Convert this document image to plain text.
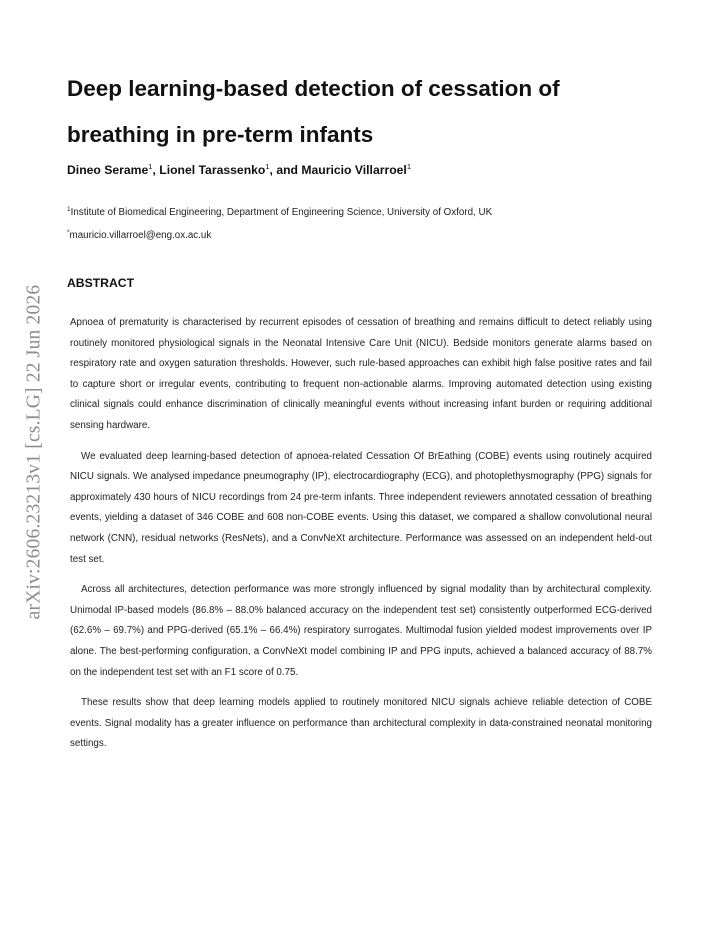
arXiv:2606.23213v1 [cs.LG] 22 Jun 2026
Deep learning-based detection of cessation of breathing in pre-term infants
Dineo Serame$^1$, Lionel Tarassenko$^1$, and Mauricio Villarroel$^1$
$^1$Institute of Biomedical Engineering, Department of Engineering Science, University of Oxford, UK
*mauricio.villarroel@eng.ox.ac.uk
ABSTRACT

Apnoea of prematurity is characterised by recurrent episodes of cessation of breathing and remains difficult to detect reliably using routinely monitored physiological signals in the Neonatal Intensive Care Unit (NICU). Bedside monitors generate alarms based on respiratory rate and oxygen saturation thresholds. However, such rule-based approaches can exhibit high false positive rates and fail to capture short or irregular events, contributing to frequent non-actionable alarms. Improving automated detection using existing clinical signals could enhance discrimination of clinically meaningful events without increasing infant burden or requiring additional sensing hardware.

We evaluated deep learning-based detection of apnoea-related Cessation Of BrEathing (COBE) events using routinely acquired NICU signals. We analysed impedance pneumography (IP), electrocardiography (ECG), and photoplethysmography (PPG) signals for approximately 430 hours of NICU recordings from 24 pre-term infants. Three independent reviewers annotated cessation of breathing events, yielding a dataset of 346 COBE and 608 non-COBE events. Using this dataset, we compared a shallow convolutional neural network (CNN), residual networks (ResNets), and a ConvNeXt architecture. Performance was assessed on an independent held-out test set.

Across all architectures, detection performance was more strongly influenced by signal modality than by architectural complexity. Unimodal IP-based models (86.8% – 88.0% balanced accuracy on the independent test set) consistently outperformed ECG-derived (62.6% – 69.7%) and PPG-derived (65.1% – 66.4%) respiratory surrogates. Multimodal fusion yielded modest improvements over IP alone. The best-performing configuration, a ConvNeXt model combining IP and PPG inputs, achieved a balanced accuracy of 88.7% on the independent test set with an F1 score of 0.75.

These results show that deep learning models applied to routinely monitored NICU signals achieve reliable detection of COBE events. Signal modality has a greater influence on performance than architectural complexity in data-constrained neonatal monitoring settings.
